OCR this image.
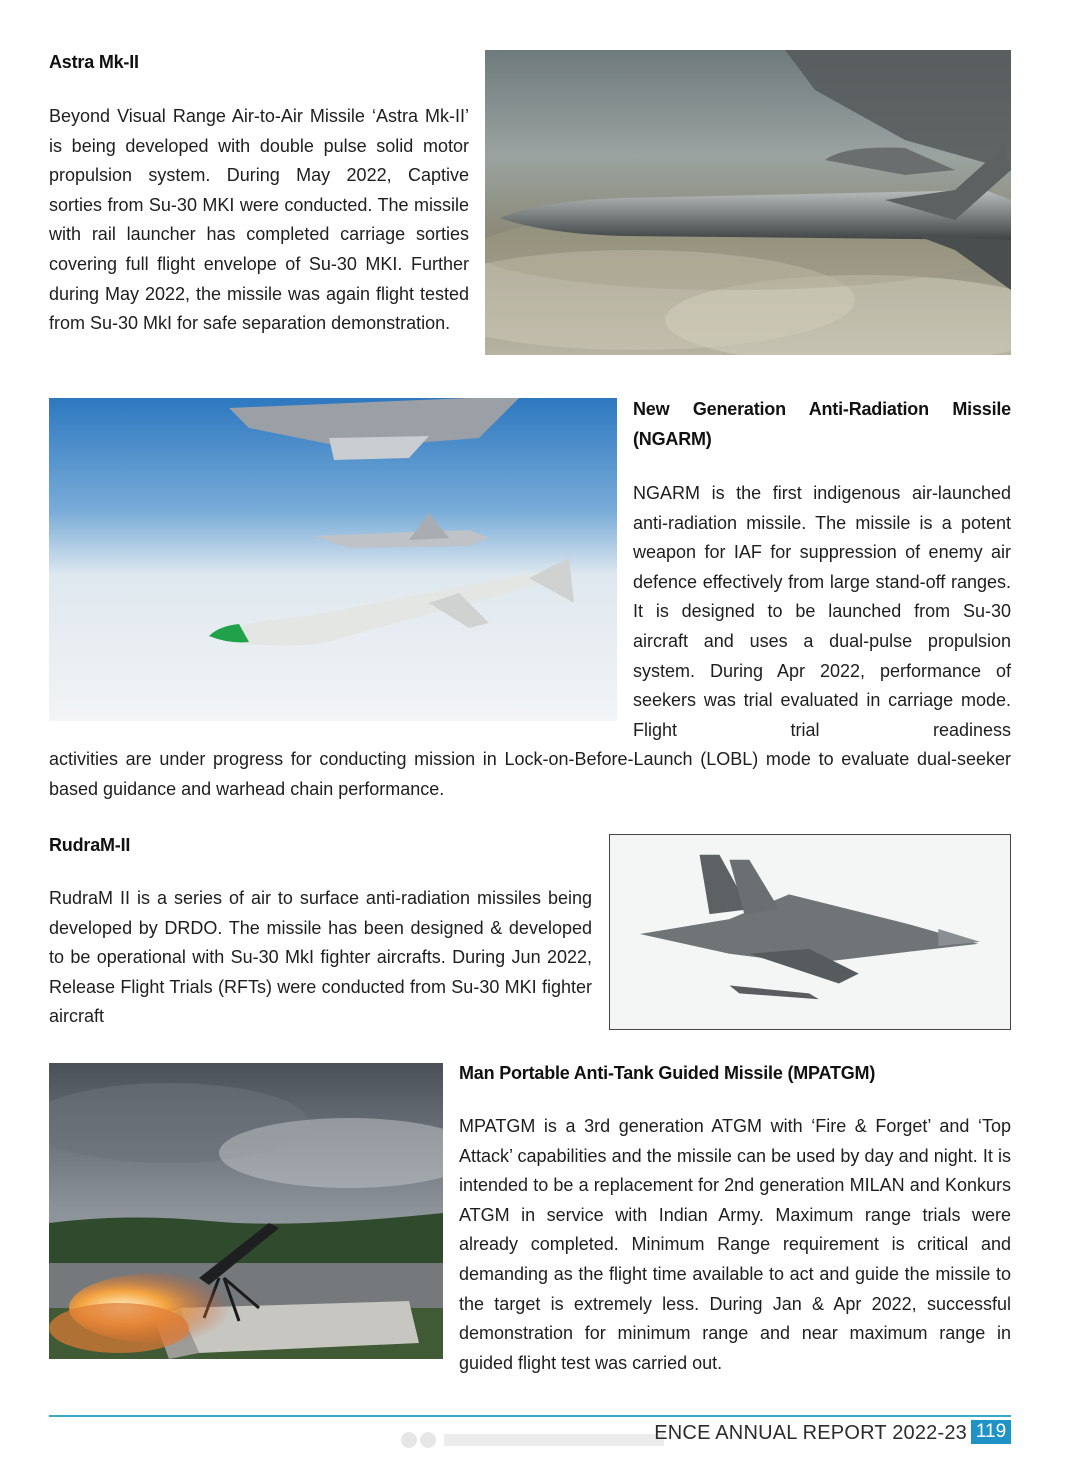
Astra Mk-II
Beyond Visual Range Air-to-Air Missile ‘Astra Mk-II’ is being developed with double pulse solid motor propulsion system. During May 2022, Captive sorties from Su-30 MKI were conducted. The missile with rail launcher has completed carriage sorties covering full flight envelope of Su-30 MKI. Further during May 2022, the missile was again flight tested from Su-30 MkI for safe separation demonstration.
New Generation Anti-Radiation Missile
(NGARM)
NGARM is the first indigenous air-launched anti-radiation missile. The missile is a potent weapon for IAF for suppression of enemy air defence effectively from large stand-off ranges. It is designed to be launched from Su-30 aircraft and uses a dual-pulse propulsion system. During Apr 2022, performance of seekers was trial evaluated in carriage mode. Flight trial readiness
activities are under progress for conducting mission in Lock-on-Before-Launch (LOBL) mode to evaluate dual-seeker based guidance and warhead chain performance.
RudraM-II
RudraM II is a series of air to surface anti-radiation missiles being developed by DRDO. The missile has been designed & developed to be operational with Su-30 MkI fighter aircrafts. During Jun 2022, Release Flight Trials (RFTs) were conducted from Su-30 MKI fighter aircraft
Man Portable Anti-Tank Guided Missile (MPATGM)
MPATGM is a 3rd generation ATGM with ‘Fire & Forget’ and ‘Top Attack’ capabilities and the missile can be used by day and night. It is intended to be a replacement for 2nd generation MILAN and Konkurs ATGM in service with Indian Army. Maximum range trials were already completed. Minimum Range requirement is critical and demanding as the flight time available to act and guide the missile to the target is extremely less. During Jan & Apr 2022, successful demonstration for minimum range and near maximum range in guided flight test was carried out.
ENCE ANNUAL REPORT 2022-23 119
